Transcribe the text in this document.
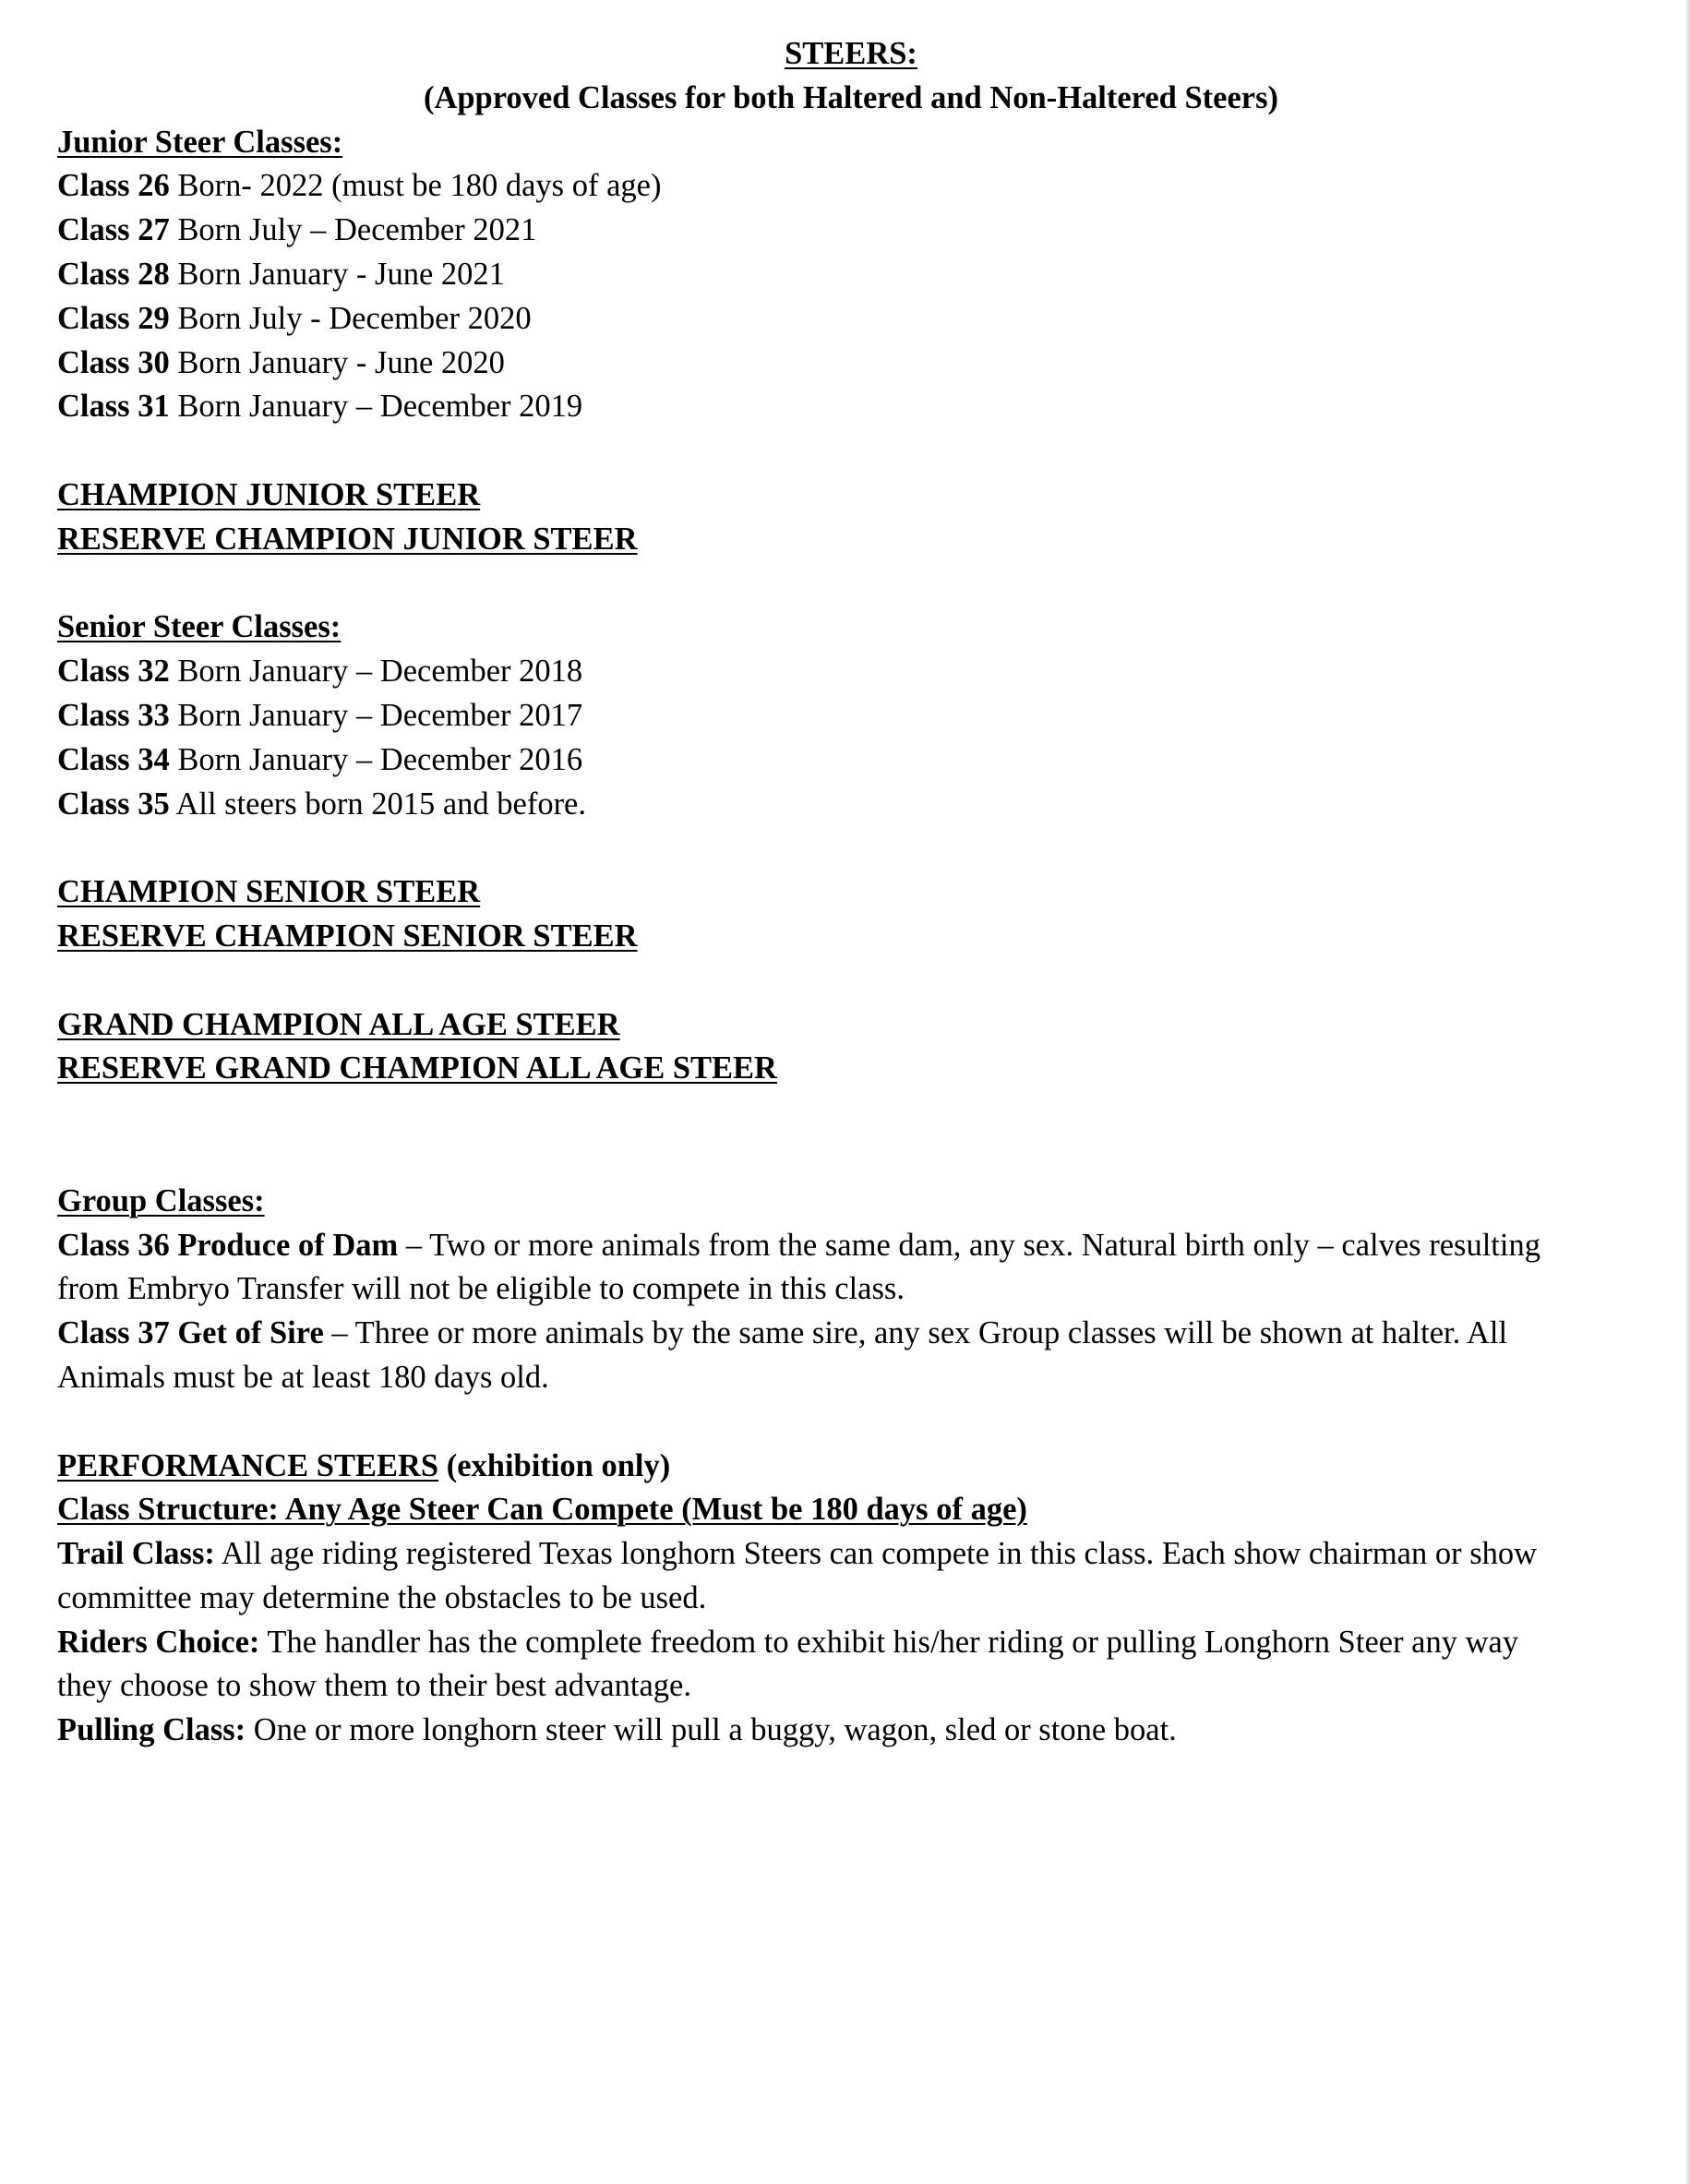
STEERS:
(Approved Classes for both Haltered and Non-Haltered Steers)
Junior Steer Classes:
Class 26 Born- 2022 (must be 180 days of age)
Class 27 Born July – December 2021
Class 28 Born January - June 2021
Class 29 Born July - December 2020
Class 30 Born January - June 2020
Class 31 Born January – December 2019
CHAMPION JUNIOR STEER
RESERVE CHAMPION JUNIOR STEER
Senior Steer Classes:
Class 32 Born January – December 2018
Class 33 Born January – December 2017
Class 34 Born January – December 2016
Class 35 All steers born 2015 and before.
CHAMPION SENIOR STEER
RESERVE CHAMPION SENIOR STEER
GRAND CHAMPION ALL AGE STEER
RESERVE GRAND CHAMPION ALL AGE STEER
Group Classes:
Class 36 Produce of Dam – Two or more animals from the same dam, any sex. Natural birth only – calves resulting
from Embryo Transfer will not be eligible to compete in this class.
Class 37 Get of Sire – Three or more animals by the same sire, any sex Group classes will be shown at halter. All
Animals must be at least 180 days old.
PERFORMANCE STEERS (exhibition only)
Class Structure: Any Age Steer Can Compete (Must be 180 days of age)
Trail Class: All age riding registered Texas longhorn Steers can compete in this class. Each show chairman or show
committee may determine the obstacles to be used.
Riders Choice: The handler has the complete freedom to exhibit his/her riding or pulling Longhorn Steer any way
they choose to show them to their best advantage.
Pulling Class: One or more longhorn steer will pull a buggy, wagon, sled or stone boat.
